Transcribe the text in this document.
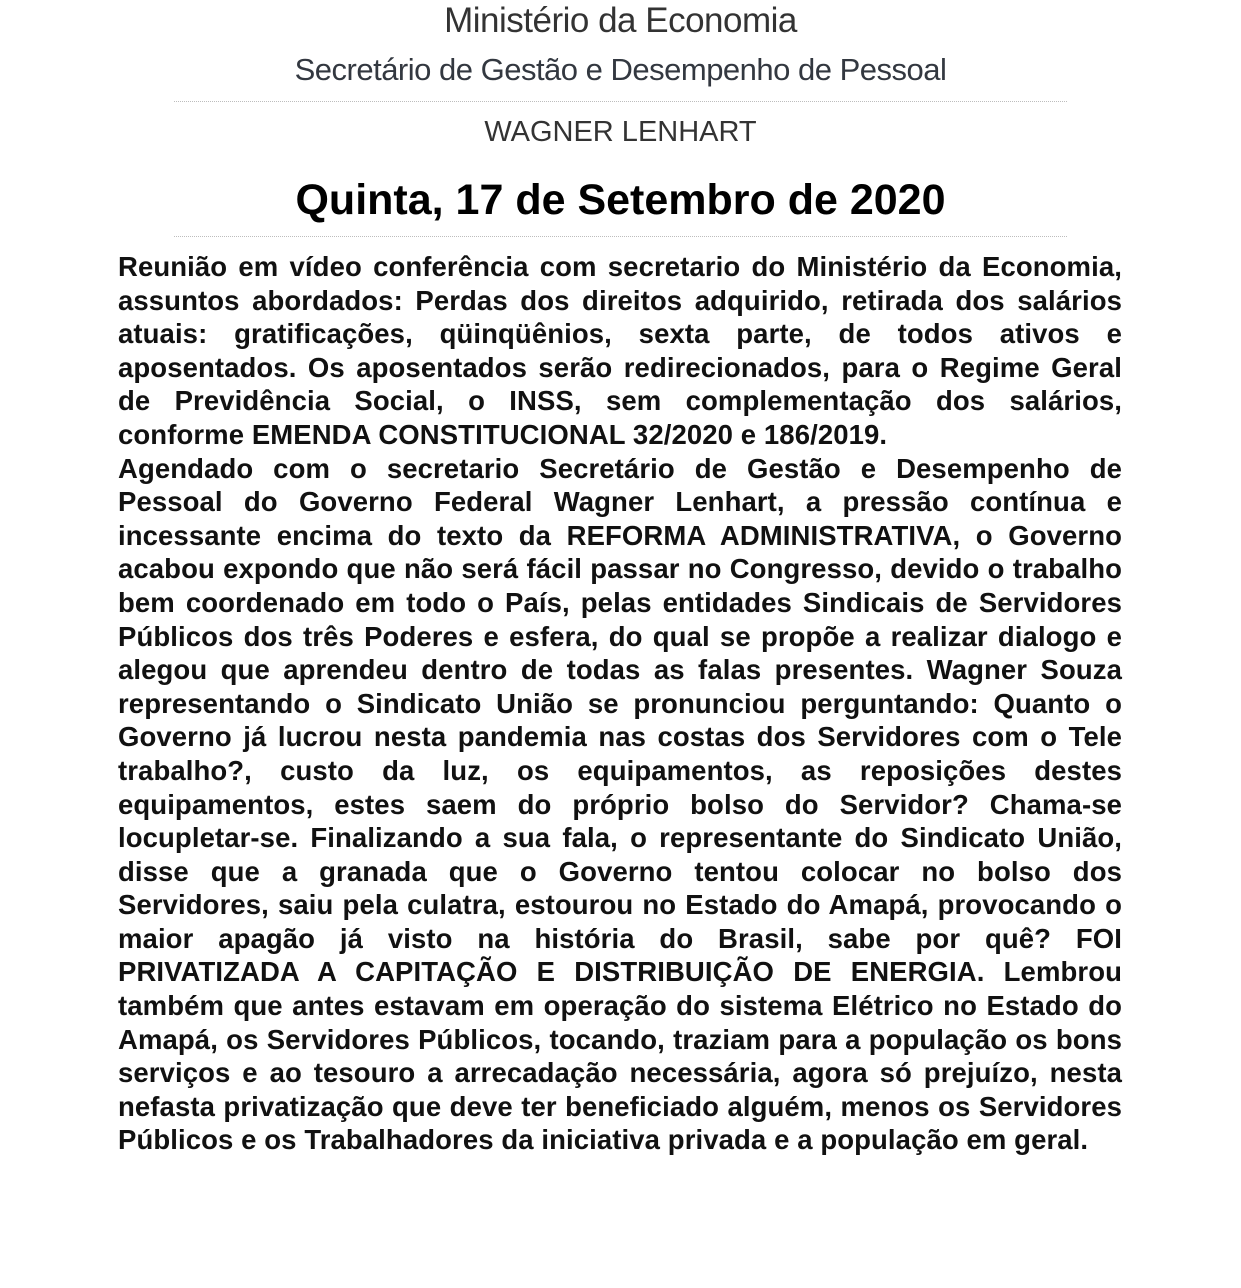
Ministério da Economia
Secretário de Gestão e Desempenho de Pessoal
WAGNER LENHART
Quinta, 17 de Setembro de 2020

Reunião em vídeo conferência com secretario do Ministério da Economia, assuntos abordados: Perdas dos direitos adquirido, retirada dos salários atuais: gratificações, qüinqüênios, sexta parte, de todos ativos e aposentados. Os aposentados serão redirecionados, para o Regime Geral de Previdência Social, o INSS, sem complementação dos salários, conforme EMENDA CONSTITUCIONAL 32/2020 e 186/2019.

Agendado com o secretario Secretário de Gestão e Desempenho de Pessoal do Governo Federal Wagner Lenhart, a pressão contínua e incessante encima do texto da REFORMA ADMINISTRATIVA, o Governo acabou expondo que não será fácil passar no Congresso, devido o trabalho bem coordenado em todo o País, pelas entidades Sindicais de Servidores Públicos dos três Poderes e esfera, do qual se propõe a realizar dialogo e alegou que aprendeu dentro de todas as falas presentes. Wagner Souza representando o Sindicato União se pronunciou perguntando: Quanto o Governo já lucrou nesta pandemia nas costas dos Servidores com o Tele trabalho?, custo da luz, os equipamentos, as reposições destes equipamentos, estes saem do próprio bolso do Servidor? Chama-se locupletar-se. Finalizando a sua fala, o representante do Sindicato União, disse que a granada que o Governo tentou colocar no bolso dos Servidores, saiu pela culatra, estourou no Estado do Amapá, provocando o maior apagão já visto na história do Brasil, sabe por quê? FOI PRIVATIZADA A CAPITAÇÃO E DISTRIBUIÇÃO DE ENERGIA. Lembrou também que antes estavam em operação do sistema Elétrico no Estado do Amapá, os Servidores Públicos, tocando, traziam para a população os bons serviços e ao tesouro a arrecadação necessária, agora só prejuízo, nesta nefasta privatização que deve ter beneficiado alguém, menos os Servidores Públicos e os Trabalhadores da iniciativa privada e a população em geral.
